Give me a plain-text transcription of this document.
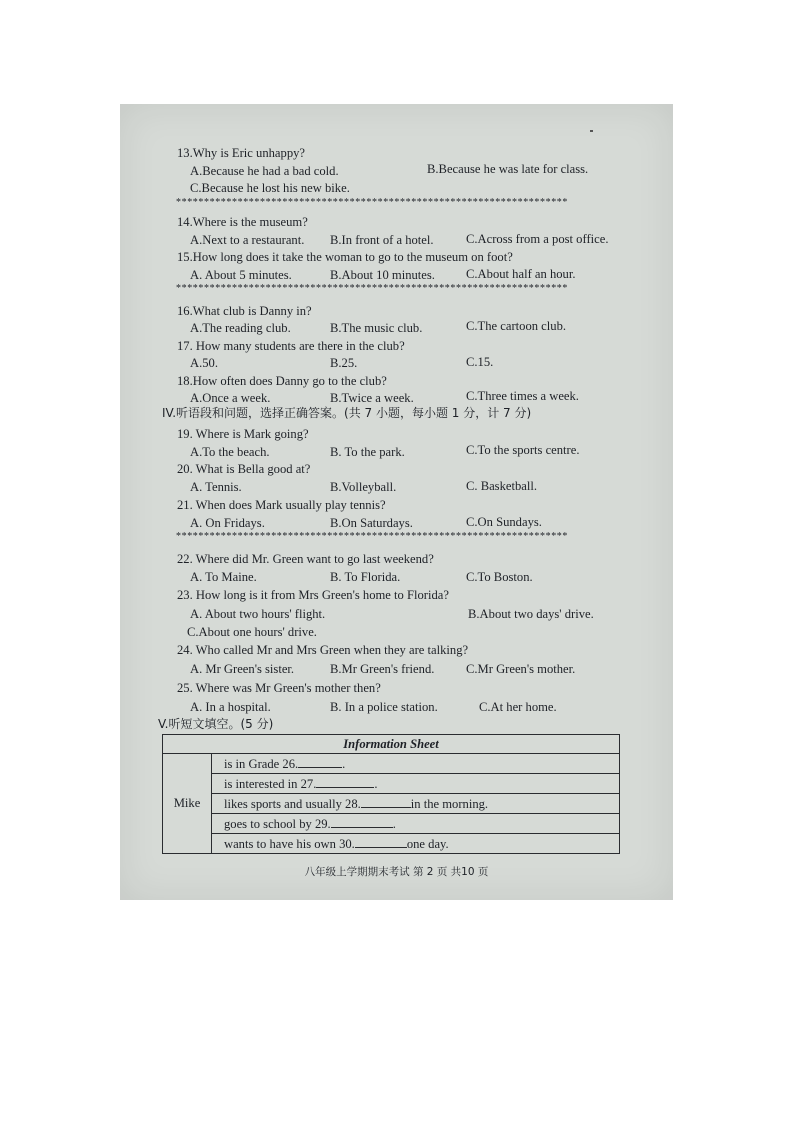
13.Why is Eric unhappy?
A.Because he had a bad cold.	B.Because he was late for class.
C.Because he lost his new bike.
**********************************************************************
14.Where is the museum?
A.Next to a restaurant. B.In front of a hotel.	C.Across from a post office.
15.How long does it take the woman to go to the museum on foot?
A. About 5 minutes.	B.About 10 minutes. C.About half an hour.
**********************************************************************
16.What club is Danny in?
A.The reading club.	B.The music club.	C.The cartoon club.
17. How many students are there in the club?
A.50.	B.25.	C.15.
18.How often does Danny go to the club?
A.Once a week.	B.Twice a week.	C.Three times a week.
IV.听语段和问题，选择正确答案。(共 7 小题，每小题 1 分，计 7 分)
19. Where is Mark going?
A.To the beach.	B. To the park.	C.To the sports centre.
20. What is Bella good at?
A. Tennis.	B.Volleyball.	C. Basketball.
21. When does Mark usually play tennis?
A. On Fridays.	B.On Saturdays.	C.On Sundays.
**********************************************************************
22. Where did Mr. Green want to go last weekend?
A. To Maine.	B. To Florida.	C.To Boston.
23. How long is it from Mrs Green's home to Florida?
A. About two hours' flight.	B.About two days' drive.
C.About one hours' drive.
24. Who called Mr and Mrs Green when they are talking?
A. Mr Green's sister.	B.Mr Green's friend.	C.Mr Green's mother.
25. Where was Mr Green's mother then?
A. In a hospital.	B. In a police station.	C.At her home.
V.听短文填空。(5 分)
Information Sheet
Mike	is in Grade 26.	.
is interested in 27.	.
likes sports and usually 28.	in the morning.
goes to school by 29.	.
wants to have his own 30.	one day.
八年级上学期期末考试 第 2 页 共10 页
